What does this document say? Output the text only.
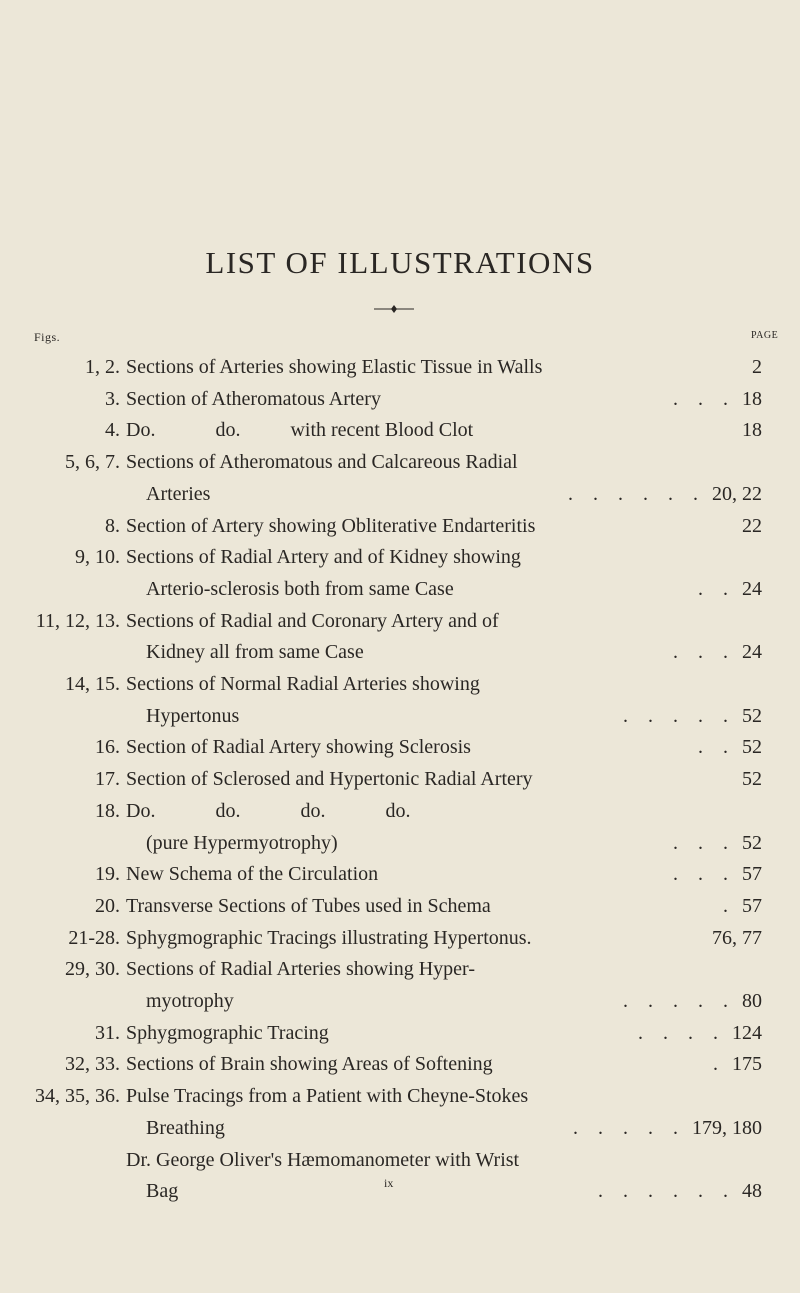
LIST OF ILLUSTRATIONS
Figs.	PAGE
1, 2. Sections of Arteries showing Elastic Tissue in Walls	2
3. Section of Atheromatous Artery	18
.    .    .
4. Do.            do.          with recent Blood Clot	18
5, 6, 7. Sections of Atheromatous and Calcareous Radial
Arteries	20, 22
.    .    .    .    .    .
8. Section of Artery showing Obliterative Endarteritis	22
9, 10. Sections of Radial Artery and of Kidney showing
Arterio-sclerosis both from same Case	24
.    .
11, 12, 13. Sections of Radial and Coronary Artery and of
Kidney all from same Case	24
.    .    .
14, 15. Sections of Normal Radial Arteries showing
Hypertonus	52
.    .    .    .    .
16. Section of Radial Artery showing Sclerosis	52
.    .
17. Section of Sclerosed and Hypertonic Radial Artery	52
18. Do.            do.            do.            do.
(pure Hypermyotrophy)	52
.    .    .
19. New Schema of the Circulation	57
.    .    .
20. Transverse Sections of Tubes used in Schema	57
.
21-28. Sphygmographic Tracings illustrating Hypertonus.	76, 77
29, 30. Sections of Radial Arteries showing Hyper-
myotrophy	80
.    .    .    .    .
31. Sphygmographic Tracing	124
.    .    .    .
32, 33. Sections of Brain showing Areas of Softening	175
.
34, 35, 36. Pulse Tracings from a Patient with Cheyne-Stokes
Breathing	179, 180
.    .    .    .    .
Dr. George Oliver's Hæmomanometer with Wrist
Bag	48
.    .    .    .    .    .
ix
